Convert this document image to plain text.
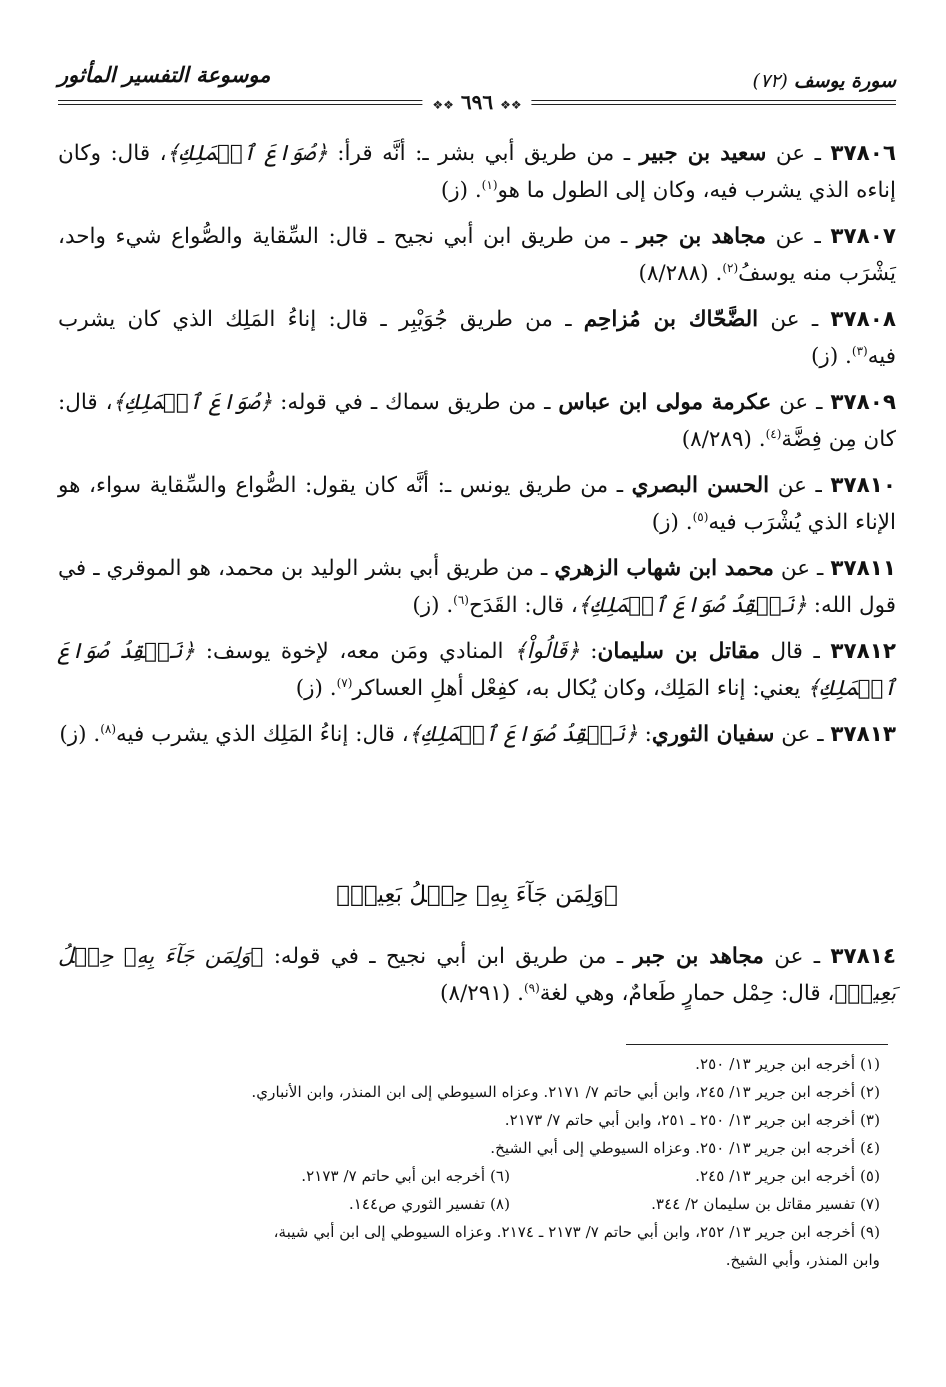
موسوعة التفسير المأثور	سورة يوسف (٧٢)
❖❖ ٦٩٦ ❖❖

٣٧٨٠٦ ـ عن سعيد بن جبير ـ من طريق أبي بشر ـ: أنَّه قرأ: ﴿صُوَاعَ ٱلۡمَلِكِ﴾، قال: وكان إناءه الذي يشرب فيه، وكان إلى الطول ما هو$^{(١)}$. (ز)

٣٧٨٠٧ ـ عن مجاهد بن جبر ـ من طريق ابن أبي نجيح ـ قال: السِّقاية والصُّواع شيء واحد، يَشْرَب منه يوسفُ$^{(٢)}$. (٨/٢٨٨)

٣٧٨٠٨ ـ عن الضَّحّاك بن مُزاحِم ـ من طريق جُوَيْبِر ـ قال: إناءُ المَلِك الذي كان يشرب فيه$^{(٣)}$. (ز)

٣٧٨٠٩ ـ عن عكرمة مولى ابن عباس ـ من طريق سماك ـ في قوله: ﴿صُوَاعَ ٱلۡمَلِكِ﴾، قال: كان مِن فِضَّة$^{(٤)}$. (٨/٢٨٩)

٣٧٨١٠ ـ عن الحسن البصري ـ من طريق يونس ـ: أنَّه كان يقول: الصُّواع والسِّقاية سواء، هو الإناء الذي يُشْرَب فيه$^{(٥)}$. (ز)

٣٧٨١١ ـ عن محمد ابن شهاب الزهري ـ من طريق أبي بشر الوليد بن محمد، هو الموقري ـ في قول الله: ﴿نَفۡقِدُ صُوَاعَ ٱلۡمَلِكِ﴾، قال: القَدَح$^{(٦)}$. (ز)

٣٧٨١٢ ـ قال مقاتل بن سليمان: ﴿قَالُواْ﴾ المنادي ومَن معه، لإخوة يوسف: ﴿نَفۡقِدُ صُوَاعَ ٱلۡمَلِكِ﴾ يعني: إناء المَلِك، وكان يُكال به، كفِعْل أهلِ العساكر$^{(٧)}$. (ز)

٣٧٨١٣ ـ عن سفيان الثوري: ﴿نَفۡقِدُ صُوَاعَ ٱلۡمَلِكِ﴾، قال: إناءُ المَلِك الذي يشرب فيه$^{(٨)}$. (ز)

﴿وَلِمَن جَآءَ بِهِۦ حِمۡلُ بَعِيرٖ﴾

٣٧٨١٤ ـ عن مجاهد بن جبر ـ من طريق ابن أبي نجيح ـ في قوله: ﴿وَلِمَن جَآءَ بِهِۦ حِمۡلُ بَعِيرٖ﴾، قال: حِمْل حمارٍ طَعامٌ، وهي لغة$^{(٩)}$. (٨/٢٩١)

(١) أخرجه ابن جرير ١٣/ ٢٥٠.
(٢) أخرجه ابن جرير ١٣/ ٢٤٥، وابن أبي حاتم ٧/ ٢١٧١. وعزاه السيوطي إلى ابن المنذر، وابن الأنباري.
(٣) أخرجه ابن جرير ١٣/ ٢٥٠ ـ ٢٥١، وابن أبي حاتم ٧/ ٢١٧٣.
(٤) أخرجه ابن جرير ١٣/ ٢٥٠. وعزاه السيوطي إلى أبي الشيخ.
(٥) أخرجه ابن جرير ١٣/ ٢٤٥.
(٦) أخرجه ابن أبي حاتم ٧/ ٢١٧٣.
(٧) تفسير مقاتل بن سليمان ٢/ ٣٤٤.
(٨) تفسير الثوري ص١٤٤.
(٩) أخرجه ابن جرير ١٣/ ٢٥٢، وابن أبي حاتم ٧/ ٢١٧٣ ـ ٢١٧٤. وعزاه السيوطي إلى ابن أبي شيبة،
وابن المنذر، وأبي الشيخ.
